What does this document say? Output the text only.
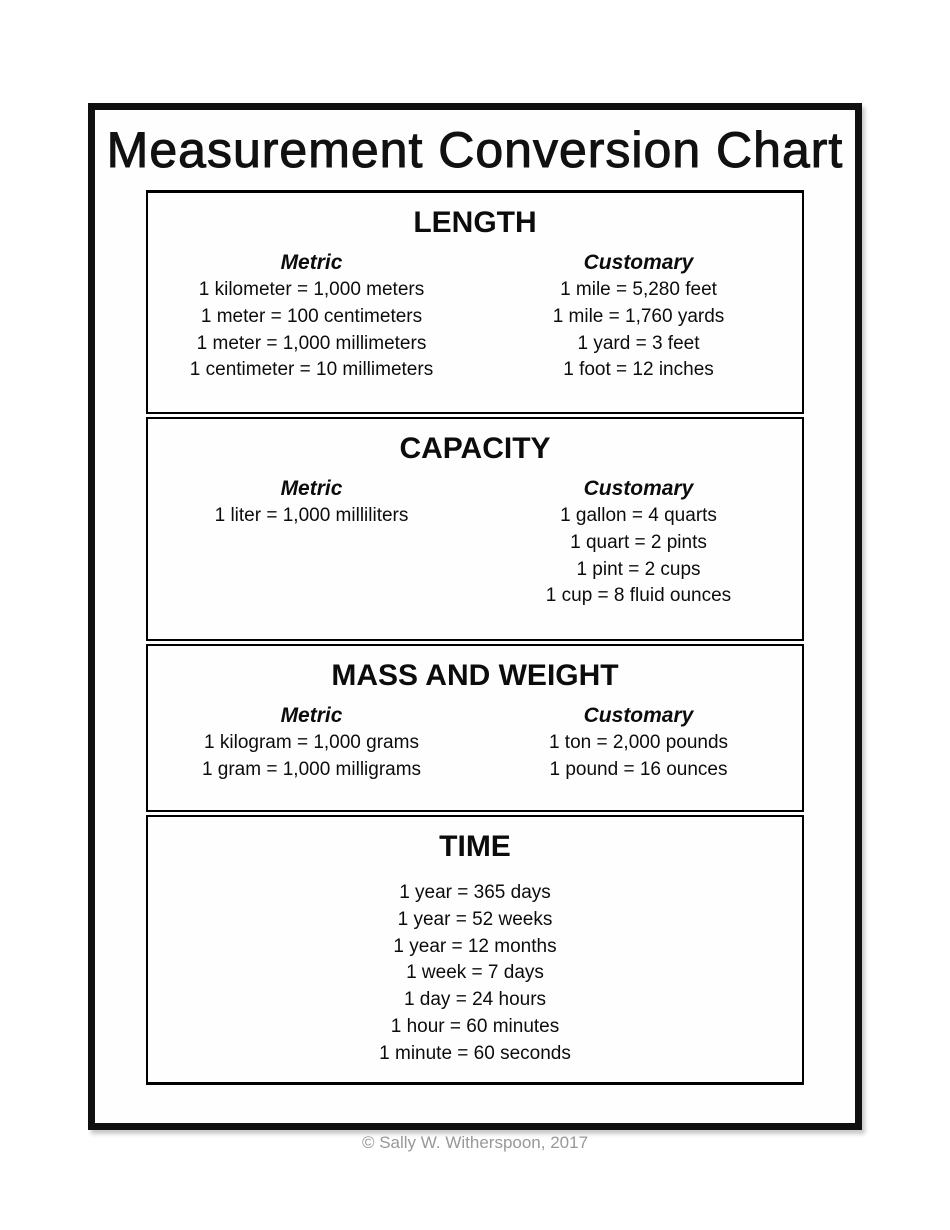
Measurement Conversion Chart
LENGTH
Metric
1 kilometer = 1,000 meters
1 meter = 100 centimeters
1 meter = 1,000 millimeters
1 centimeter = 10 millimeters
Customary
1 mile = 5,280 feet
1 mile = 1,760 yards
1 yard = 3 feet
1 foot = 12 inches
CAPACITY
Metric
1 liter = 1,000 milliliters
Customary
1 gallon = 4 quarts
1 quart = 2 pints
1 pint = 2 cups
1 cup = 8 fluid ounces
MASS AND WEIGHT
Metric
1 kilogram = 1,000 grams
1 gram = 1,000 milligrams
Customary
1 ton = 2,000 pounds
1 pound = 16 ounces
TIME
1 year = 365 days
1 year = 52 weeks
1 year = 12 months
1 week = 7 days
1 day = 24 hours
1 hour = 60 minutes
1 minute = 60 seconds
© Sally W. Witherspoon, 2017
